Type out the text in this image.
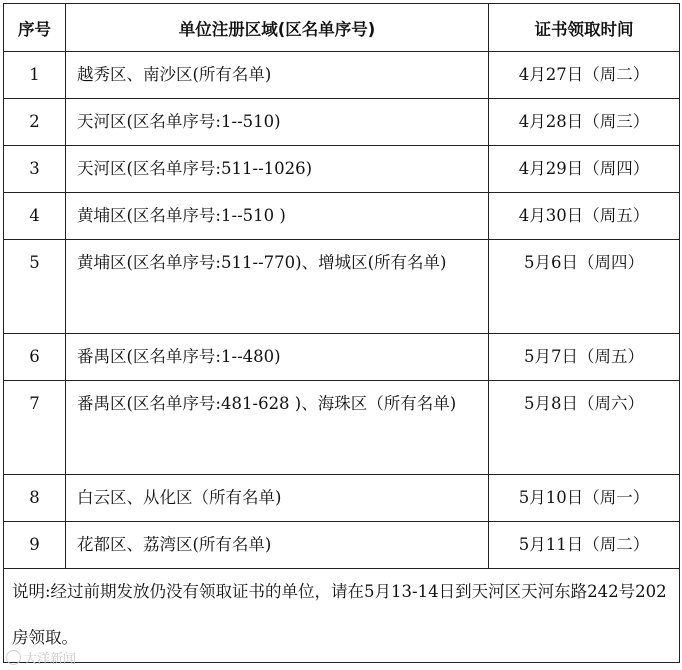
序号	单位注册区域(区名单序号)	证书领取时间
1	越秀区、南沙区(所有名单)	4月27日（周二）
2	天河区(区名单序号:1--510)	4月28日（周三）
3	天河区(区名单序号:511--1026)	4月29日（周四）
4	黄埔区(区名单序号:1--510 )	4月30日（周五）
5	黄埔区(区名单序号:511--770)、增城区(所有名单)	5月6日（周四）
6	番禺区(区名单序号:1--480)	5月7日（周五）
7	番禺区(区名单序号:481-628 )、海珠区（所有名单)	5月8日（周六）
8	白云区、从化区（所有名单)	5月10日（周一）
9	花都区、荔湾区(所有名单)	5月11日（周二）
说明:经过前期发放仍没有领取证书的单位，请在5月13-14日到天河区天河东路242号202房领取。		
大洋新闻
